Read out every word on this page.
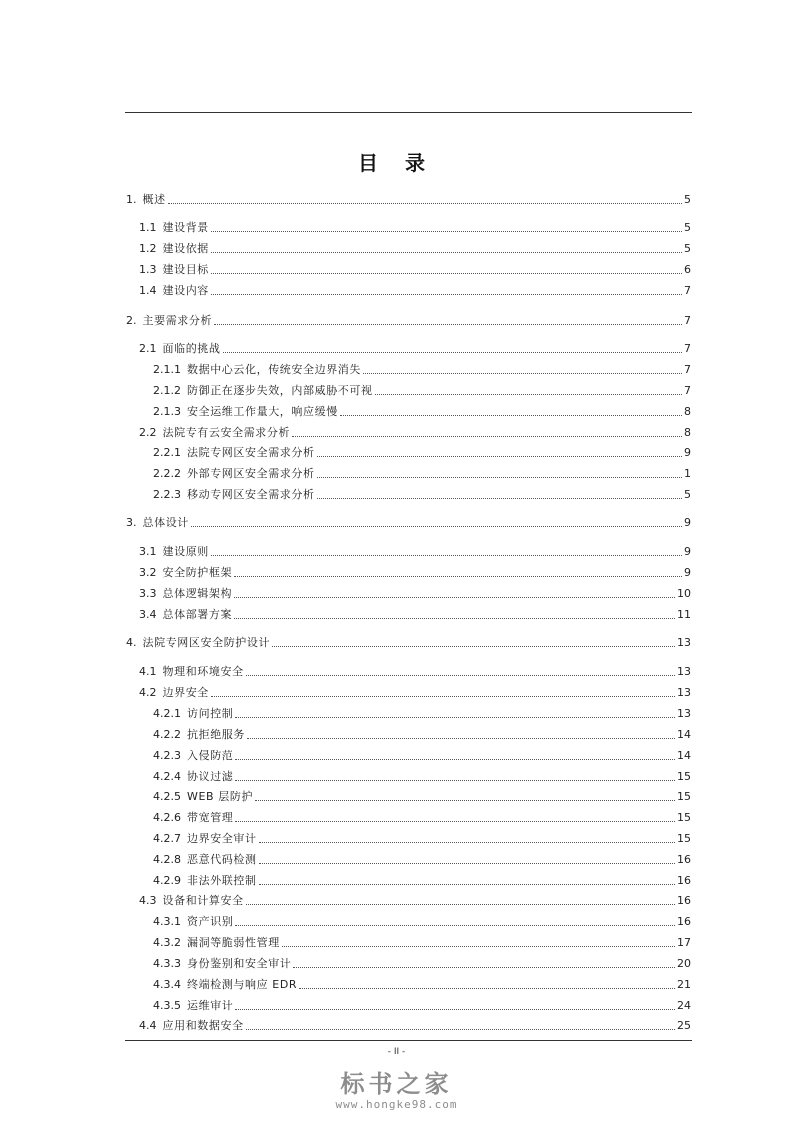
目 录
1. 概述	5
1.1 建设背景	5
1.2 建设依据	5
1.3 建设目标	6
1.4 建设内容	7
2. 主要需求分析	7
2.1 面临的挑战	7
2.1.1 数据中心云化，传统安全边界消失	7
2.1.2 防御正在逐步失效，内部威胁不可视	7
2.1.3 安全运维工作量大，响应缓慢	8
2.2 法院专有云安全需求分析	8
2.2.1 法院专网区安全需求分析	9
2.2.2 外部专网区安全需求分析	1
2.2.3 移动专网区安全需求分析	5
3. 总体设计	9
3.1 建设原则	9
3.2 安全防护框架	9
3.3 总体逻辑架构	10
3.4 总体部署方案	11
4. 法院专网区安全防护设计	13
4.1 物理和环境安全	13
4.2 边界安全	13
4.2.1 访问控制	13
4.2.2 抗拒绝服务	14
4.2.3 入侵防范	14
4.2.4 协议过滤	15
4.2.5 WEB 层防护	15
4.2.6 带宽管理	15
4.2.7 边界安全审计	15
4.2.8 恶意代码检测	16
4.2.9 非法外联控制	16
4.3 设备和计算安全	16
4.3.1 资产识别	16
4.3.2 漏洞等脆弱性管理	17
4.3.3 身份鉴别和安全审计	20
4.3.4 终端检测与响应 EDR	21
4.3.5 运维审计	24
4.4 应用和数据安全	25
- II -
标书之家
www.hongke98.com
